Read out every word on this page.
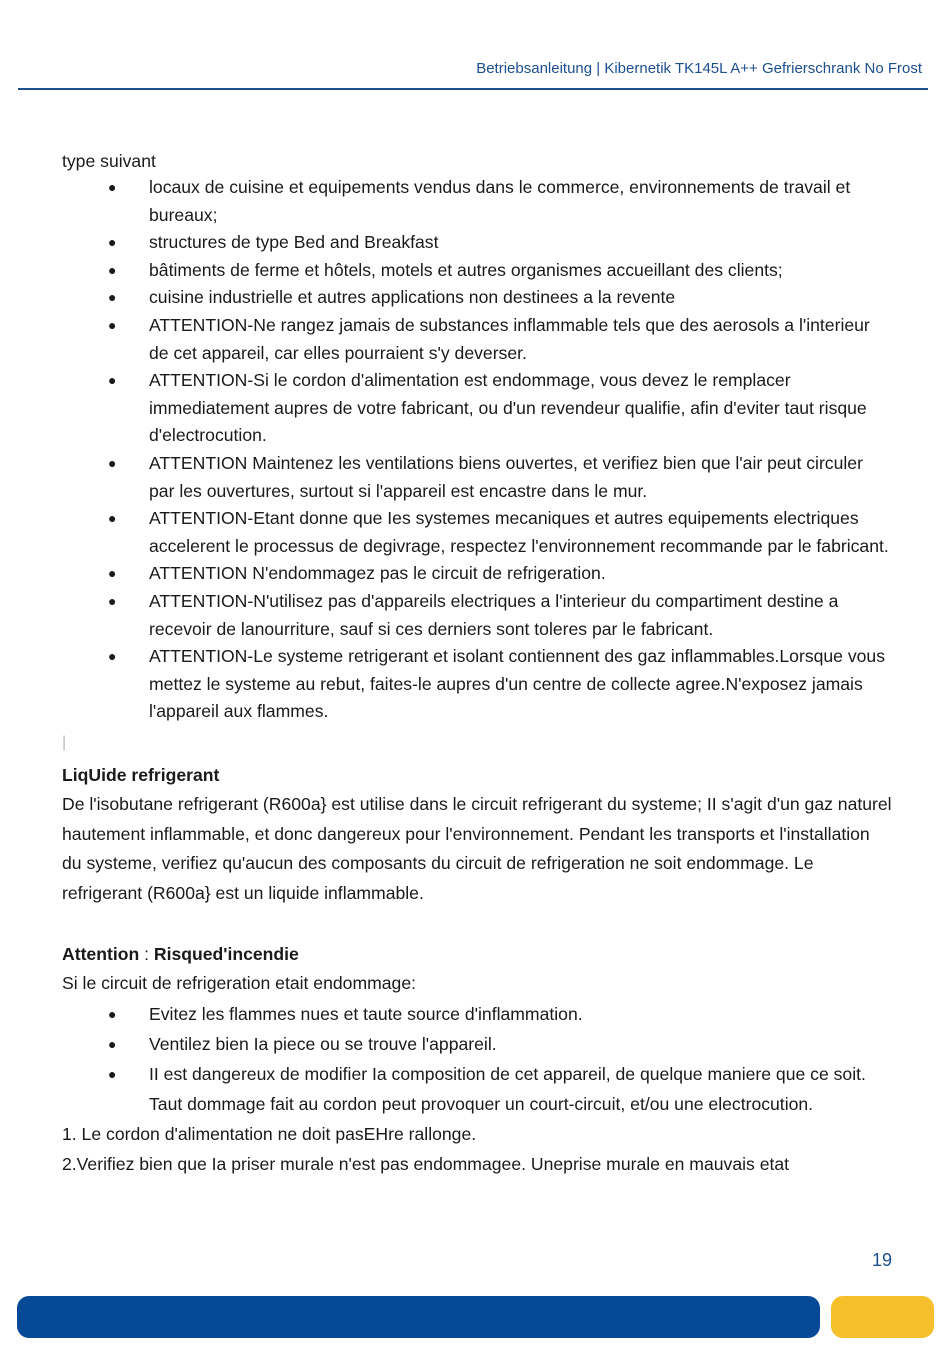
Betriebsanleitung | Kibernetik TK145L A++ Gefrierschrank No Frost

type suivant

● locaux de cuisine et equipements vendus dans le commerce, environnements de travail et bureaux;
● structures de type Bed and Breakfast
● bâtiments de ferme et hôtels, motels et autres organismes accueillant des clients;
● cuisine industrielle et autres applications non destinees a la revente
● ATTENTION-Ne rangez jamais de substances inflammable tels que des aerosols a l'interieur de cet appareil, car elles pourraient s'y deverser.
● ATTENTION-Si le cordon d'alimentation est endommage, vous devez le remplacer immediatement aupres de votre fabricant, ou d'un revendeur qualifie, afin d'eviter taut risque d'electrocution.
● ATTENTION Maintenez les ventilations biens ouvertes, et verifiez bien que l'air peut circuler par les ouvertures, surtout si l'appareil est encastre dans le mur.
● ATTENTION-Etant donne que Ies systemes mecaniques et autres equipements electriques accelerent le processus de degivrage, respectez l'environnement recommande par le fabricant.
● ATTENTION N'endommagez pas le circuit de refrigeration.
● ATTENTION-N'utilisez pas d'appareils electriques a l'interieur du compartiment destine a recevoir de lanourriture, sauf si ces derniers sont toleres par le fabricant.
● ATTENTION-Le systeme retrigerant et isolant contiennent des gaz inflammables.Lorsque vous mettez le systeme au rebut, faites-le aupres d'un centre de collecte agree.N'exposez jamais l'appareil aux flammes.
|
LiqUide refrigerant

De l'isobutane refrigerant (R600a} est utilise dans le circuit refrigerant du systeme; II s'agit d'un gaz naturel hautement inflammable, et donc dangereux pour l'environnement. Pendant les transports et l'installation du systeme, verifiez qu'aucun des composants du circuit de refrigeration ne soit endommage. Le refrigerant (R600a} est un liquide inflammable.

Attention : Risqued'incendie

Si le circuit de refrigeration etait endommage:

● Evitez les flammes nues et taute source d'inflammation.
● Ventilez bien Ia piece ou se trouve l'appareil.
● II est dangereux de modifier Ia composition de cet appareil, de quelque maniere que ce soit. Taut dommage fait au cordon peut provoquer un court-circuit, et/ou une electrocution.
1. Le cordon d'alimentation ne doit pasEHre rallonge.
2.Verifiez bien que Ia priser murale n'est pas endommagee. Uneprise murale en mauvais etat
19
